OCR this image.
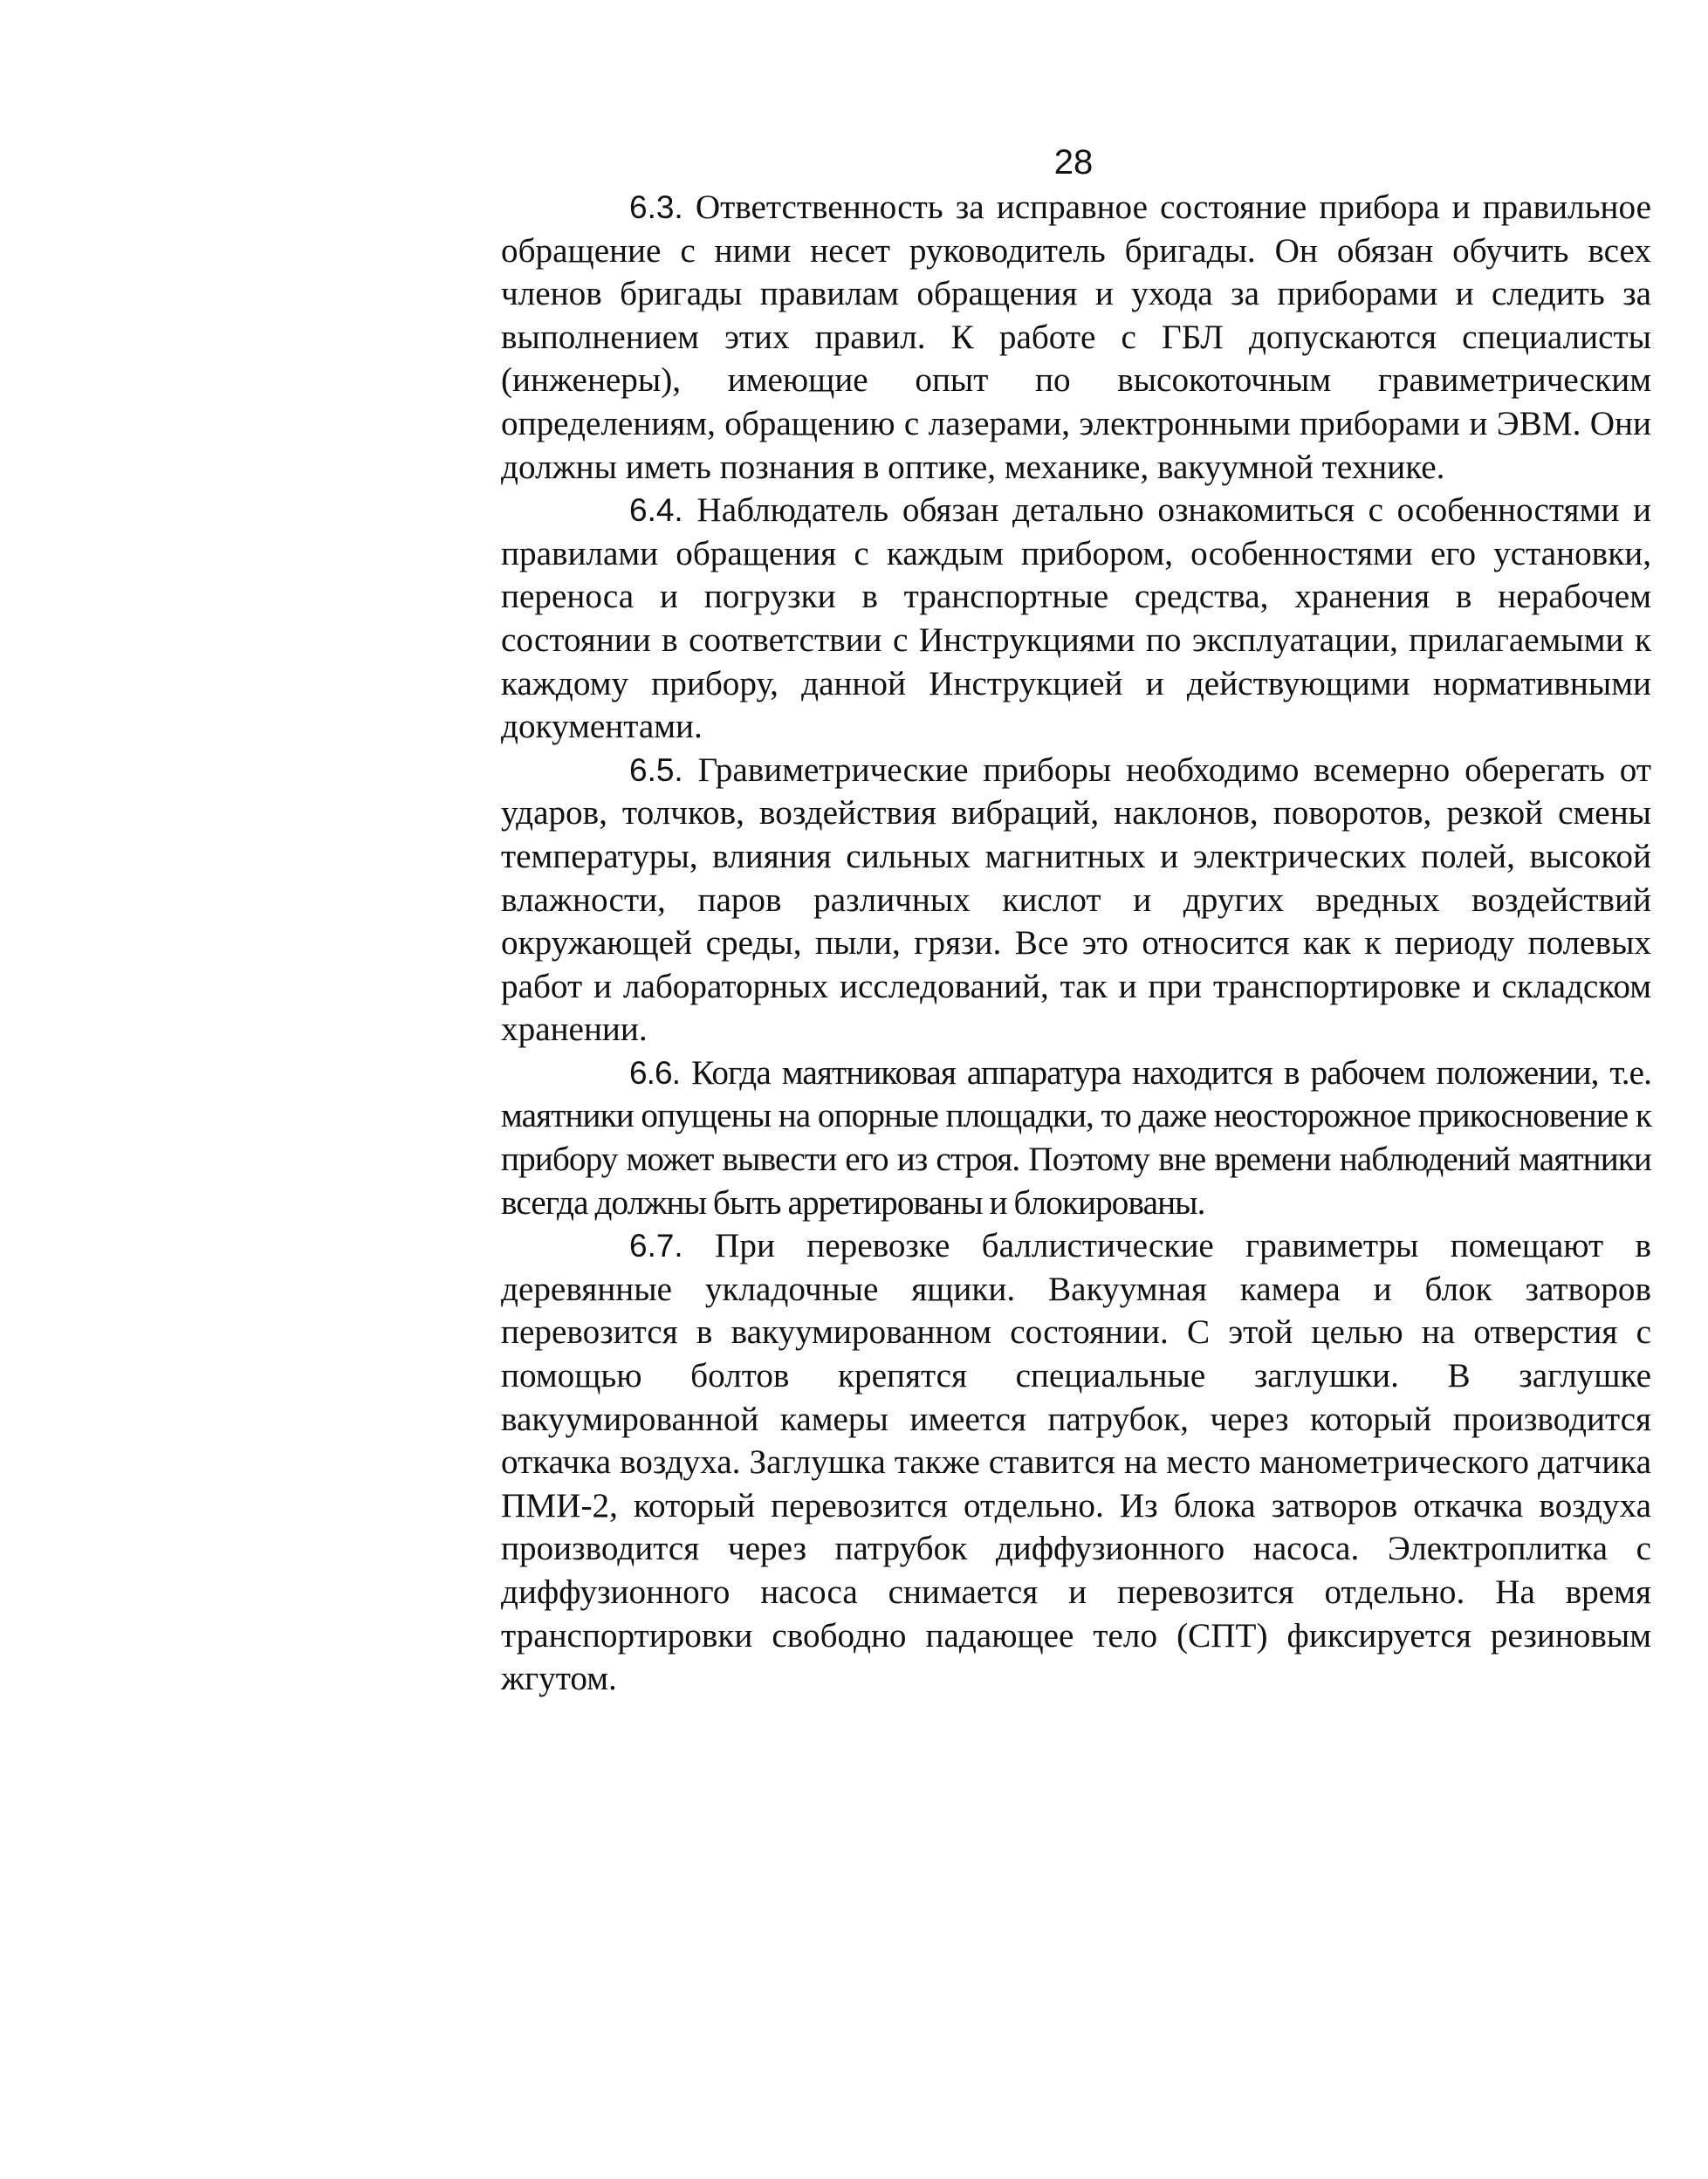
28

6.3. Ответственность за исправное состояние прибора и правильное обращение с ними несет руководитель бригады. Он обязан обучить всех членов бригады правилам обращения и ухода за приборами и следить за выполнением этих правил. К работе с ГБЛ допускаются специалисты (инженеры), имеющие опыт по высокоточным гравиметрическим определениям, обращению с лазерами, электронными приборами и ЭВМ. Они должны иметь познания в оптике, механике, вакуумной технике.

6.4. Наблюдатель обязан детально ознакомиться с особенностями и правилами обращения с каждым прибором, особенностями его установки, переноса и погрузки в транспортные средства, хранения в нерабочем состоянии в соответствии с Инструкциями по эксплуатации, прилагаемыми к каждому прибору, данной Инструкцией и действующими нормативными документами.

6.5. Гравиметрические приборы необходимо всемерно оберегать от ударов, толчков, воздействия вибраций, наклонов, поворотов, резкой смены температуры, влияния сильных магнитных и электрических полей, высокой влажности, паров различных кислот и других вредных воздействий окружающей среды, пыли, грязи. Все это относится как к периоду полевых работ и лабораторных исследований, так и при транспортировке и складском хранении.

6.6. Когда маятниковая аппаратура находится в рабочем положении, т.е. маятники опущены на опорные площадки, то даже неосторожное прикосновение к прибору может вывести его из строя. Поэтому вне времени наблюдений маятники всегда должны быть арретированы и блокированы.

6.7. При перевозке баллистические гравиметры помещают в деревянные укладочные ящики. Вакуумная камера и блок затворов перевозится в вакуумированном состоянии. С этой целью на отверстия с помощью болтов крепятся специальные заглушки. В заглушке вакуумированной камеры имеется патрубок, через который производится откачка воздуха. Заглушка также ставится на место манометрического датчика ПМИ-2, который перевозится отдельно. Из блока затворов откачка воздуха производится через патрубок диффузионного насоса. Электроплитка с диффузионного насоса снимается и перевозится отдельно. На время транспортировки свободно падающее тело (СПТ) фиксируется резиновым жгутом.
